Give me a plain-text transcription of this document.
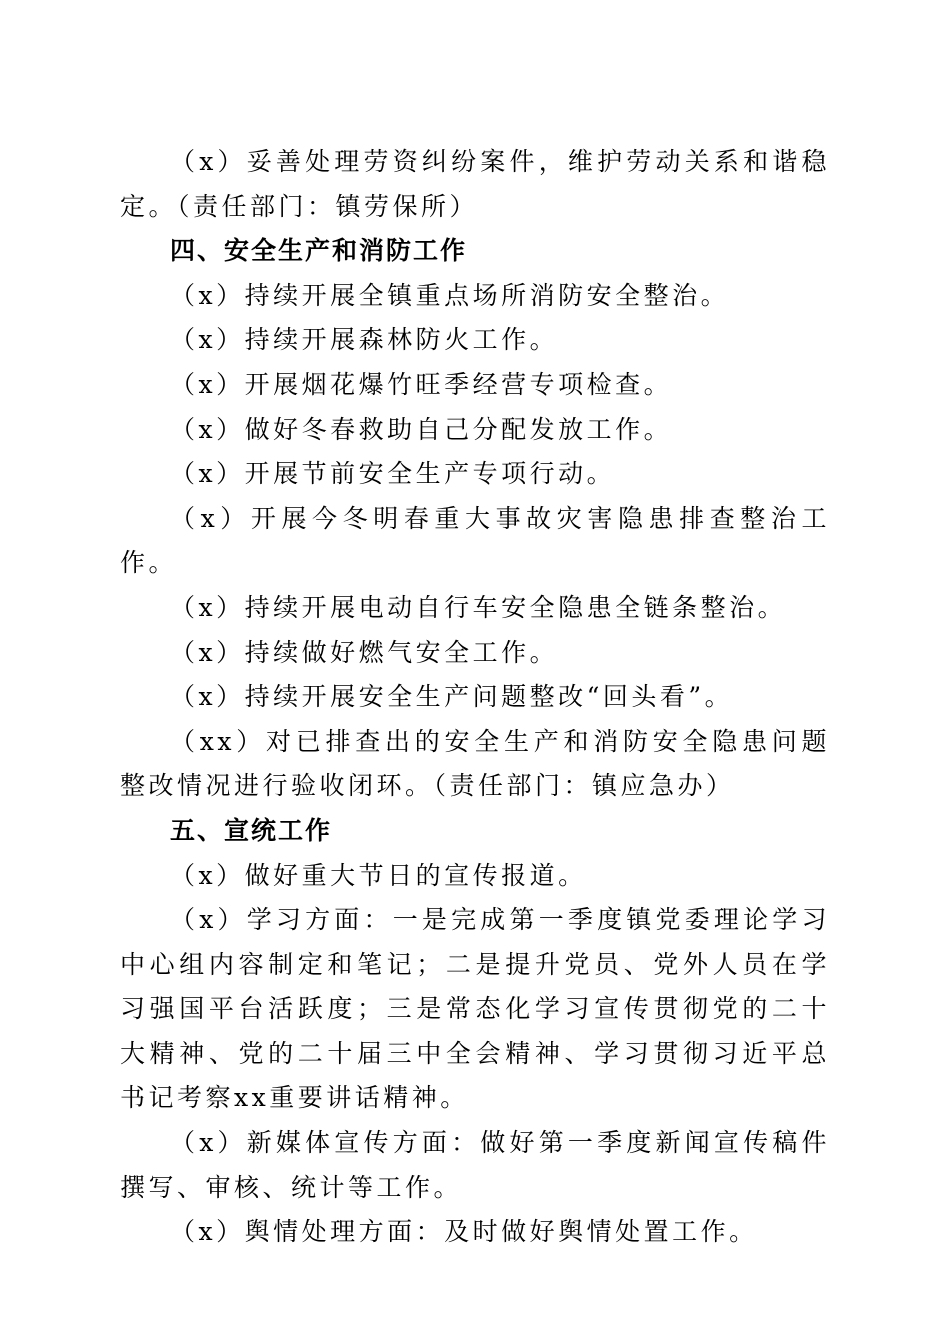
（x）妥善处理劳资纠纷案件，维护劳动关系和谐稳定。（责任部门：镇劳保所）

四、安全生产和消防工作

（x）持续开展全镇重点场所消防安全整治。

（x）持续开展森林防火工作。

（x）开展烟花爆竹旺季经营专项检查。

（x）做好冬春救助自己分配发放工作。

（x）开展节前安全生产专项行动。

（x）开展今冬明春重大事故灾害隐患排查整治工作。

（x）持续开展电动自行车安全隐患全链条整治。

（x）持续做好燃气安全工作。

（x）持续开展安全生产问题整改“回头看”。

（xx）对已排查出的安全生产和消防安全隐患问题整改情况进行验收闭环。（责任部门：镇应急办）

五、宣统工作

（x）做好重大节日的宣传报道。

（x）学习方面：一是完成第一季度镇党委理论学习中心组内容制定和笔记；二是提升党员、党外人员在学习强国平台活跃度；三是常态化学习宣传贯彻党的二十大精神、党的二十届三中全会精神、学习贯彻习近平总书记考察xx重要讲话精神。

（x）新媒体宣传方面：做好第一季度新闻宣传稿件撰写、审核、统计等工作。

（x）舆情处理方面：及时做好舆情处置工作。
